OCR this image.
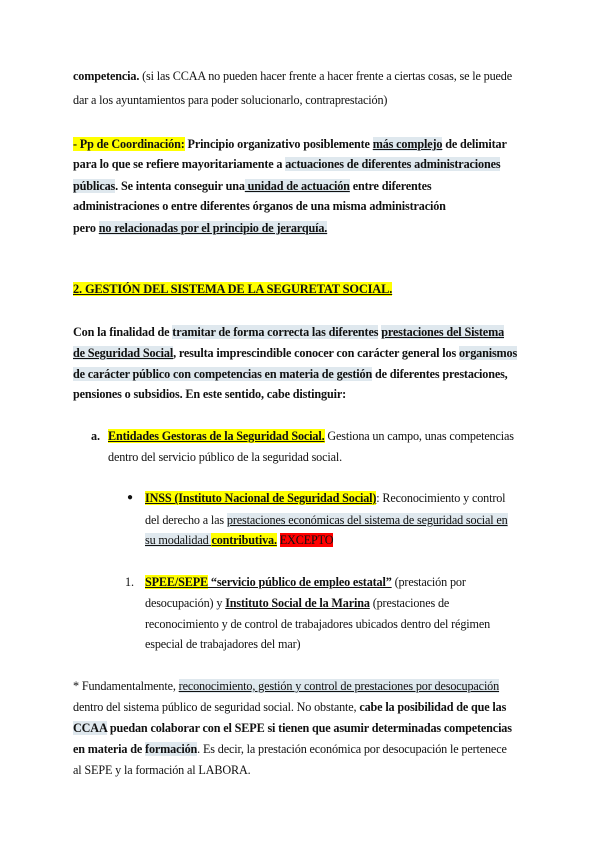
competencia. (si las CCAA no pueden hacer frente a hacer frente a ciertas cosas, se le puede
dar a los ayuntamientos para poder solucionarlo, contraprestación)
- Pp de Coordinación: Principio organizativo posiblemente más complejo de delimitar
para lo que se refiere mayoritariamente a actuaciones de diferentes administraciones
públicas. Se intenta conseguir una unidad de actuación entre diferentes
administraciones o entre diferentes órganos de una misma administración
pero no relacionadas por el principio de jerarquía.
2. GESTIÓN DEL SISTEMA DE LA SEGURETAT SOCIAL.
Con la finalidad de tramitar de forma correcta las diferentes prestaciones del Sistema
de Seguridad Social, resulta imprescindible conocer con carácter general los organismos
de carácter público con competencias en materia de gestión de diferentes prestaciones,
pensiones o subsidios. En este sentido, cabe distinguir:
a. Entidades Gestoras de la Seguridad Social. Gestiona un campo, unas competencias
dentro del servicio público de la seguridad social.
● INSS (Instituto Nacional de Seguridad Social): Reconocimiento y control
del derecho a las prestaciones económicas del sistema de seguridad social en
su modalidad contributiva. EXCEPTO
1. SPEE/SEPE “servicio público de empleo estatal” (prestación por
desocupación) y Instituto Social de la Marina (prestaciones de
reconocimiento y de control de trabajadores ubicados dentro del régimen
especial de trabajadores del mar)
* Fundamentalmente, reconocimiento, gestión y control de prestaciones por desocupación
dentro del sistema público de seguridad social. No obstante, cabe la posibilidad de que las
CCAA puedan colaborar con el SEPE si tienen que asumir determinadas competencias
en materia de formación. Es decir, la prestación económica por desocupación le pertenece
al SEPE y la formación al LABORA.
